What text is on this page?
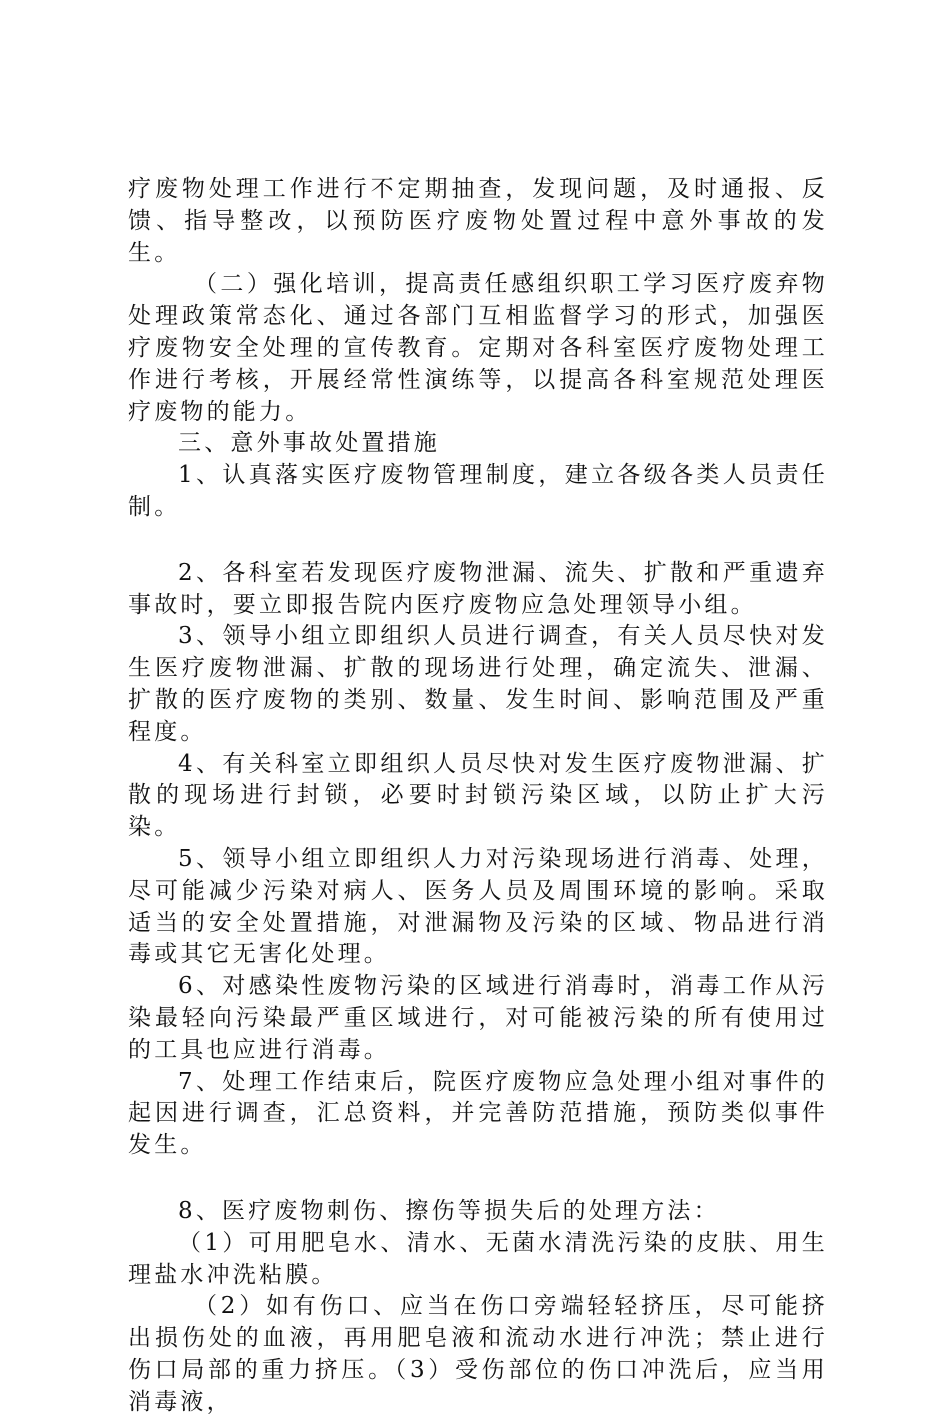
疗废物处理工作进行不定期抽查，发现问题，及时通报、反馈、指导整改，以预防医疗废物处置过程中意外事故的发生。

（二）强化培训，提高责任感组织职工学习医疗废弃物处理政策常态化、通过各部门互相监督学习的形式，加强医疗废物安全处理的宣传教育。定期对各科室医疗废物处理工作进行考核，开展经常性演练等，以提高各科室规范处理医疗废物的能力。

三、意外事故处置措施

1、认真落实医疗废物管理制度，建立各级各类人员责任制。

2、各科室若发现医疗废物泄漏、流失、扩散和严重遗弃事故时，要立即报告院内医疗废物应急处理领导小组。

3、领导小组立即组织人员进行调查，有关人员尽快对发生医疗废物泄漏、扩散的现场进行处理，确定流失、泄漏、扩散的医疗废物的类别、数量、发生时间、影响范围及严重程度。

4、有关科室立即组织人员尽快对发生医疗废物泄漏、扩散的现场进行封锁，必要时封锁污染区域，以防止扩大污染。

5、领导小组立即组织人力对污染现场进行消毒、处理，尽可能减少污染对病人、医务人员及周围环境的影响。采取适当的安全处置措施，对泄漏物及污染的区域、物品进行消毒或其它无害化处理。

6、对感染性废物污染的区域进行消毒时，消毒工作从污染最轻向污染最严重区域进行，对可能被污染的所有使用过的工具也应进行消毒。

7、处理工作结束后，院医疗废物应急处理小组对事件的起因进行调查，汇总资料，并完善防范措施，预防类似事件发生。

8、医疗废物刺伤、擦伤等损失后的处理方法：

（1）可用肥皂水、清水、无菌水清洗污染的皮肤、用生理盐水冲洗粘膜。

（2）如有伤口、应当在伤口旁端轻轻挤压，尽可能挤出损伤处的血液，再用肥皂液和流动水进行冲洗；禁止进行伤口局部的重力挤压。（3）受伤部位的伤口冲洗后，应当用消毒液，
